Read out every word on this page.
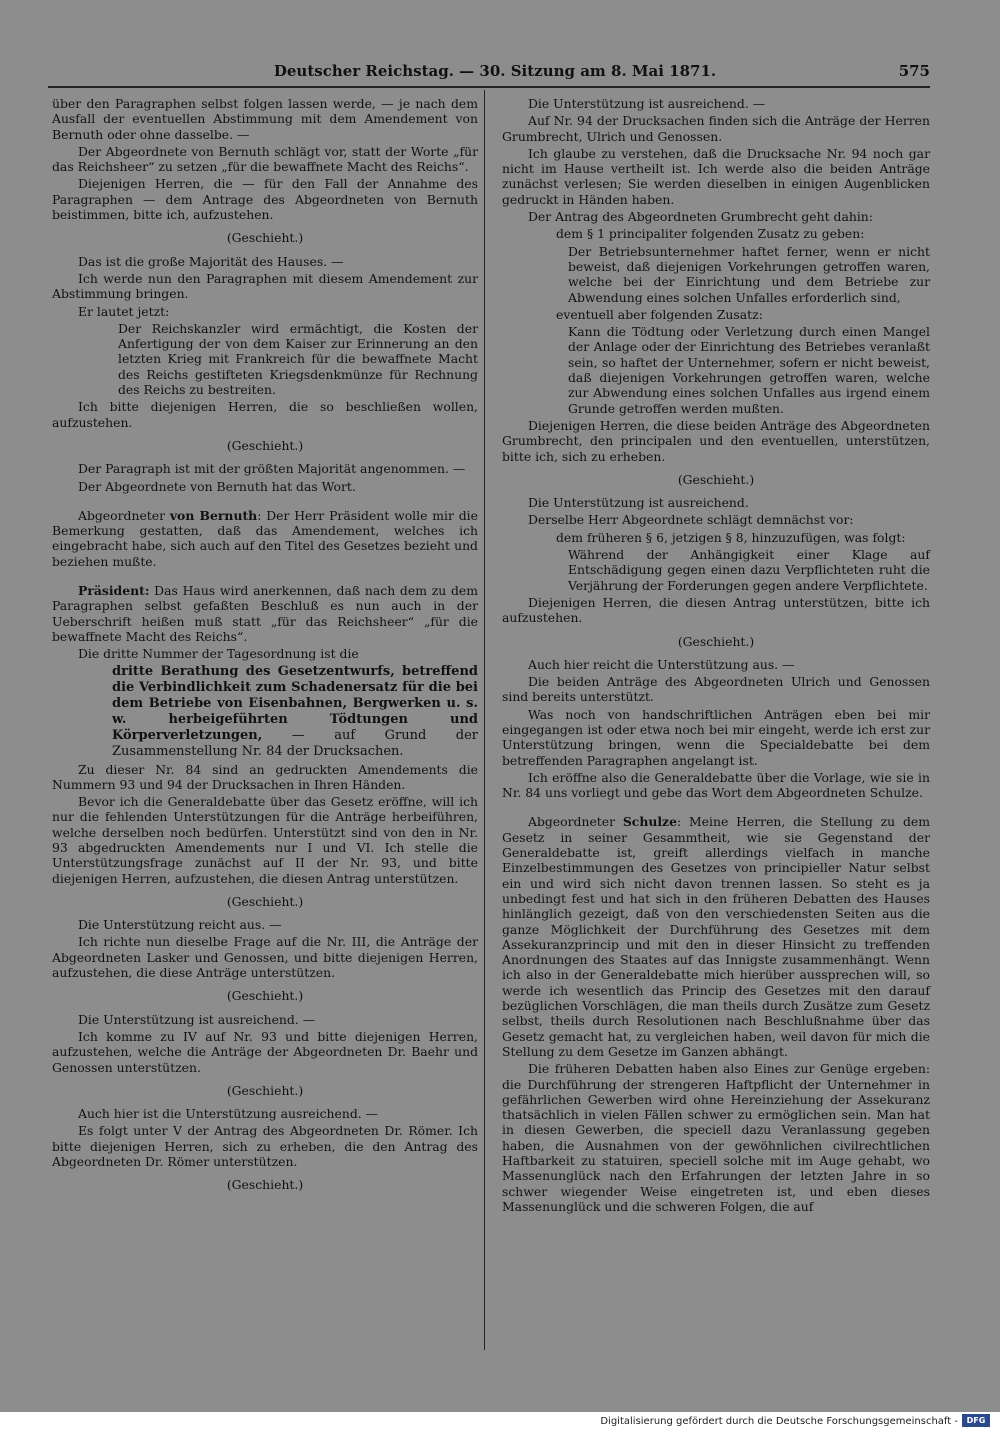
Deutscher Reichstag. — 30. Sitzung am 8. Mai 1871.	575

über den Paragraphen selbst folgen lassen werde, — je nach dem Ausfall der eventuellen Abstimmung mit dem Amendement von Bernuth oder ohne dasselbe. —

Der Abgeordnete von Bernuth schlägt vor, statt der Worte „für das Reichsheer“ zu setzen „für die bewaffnete Macht des Reichs“.

Diejenigen Herren, die — für den Fall der Annahme des Paragraphen — dem Antrage des Abgeordneten von Bernuth beistimmen, bitte ich, aufzustehen.

(Geschieht.)

Das ist die große Majorität des Hauses. —

Ich werde nun den Paragraphen mit diesem Amendement zur Abstimmung bringen.

Er lautet jetzt:

Der Reichskanzler wird ermächtigt, die Kosten der Anfertigung der von dem Kaiser zur Erinnerung an den letzten Krieg mit Frankreich für die bewaffnete Macht des Reichs gestifteten Kriegsdenkmünze für Rechnung des Reichs zu bestreiten.

Ich bitte diejenigen Herren, die so beschließen wollen, aufzustehen.

(Geschieht.)

Der Paragraph ist mit der größten Majorität angenommen. —

Der Abgeordnete von Bernuth hat das Wort.

Abgeordneter von Bernuth: Der Herr Präsident wolle mir die Bemerkung gestatten, daß das Amendement, welches ich eingebracht habe, sich auch auf den Titel des Gesetzes bezieht und beziehen mußte.

Präsident: Das Haus wird anerkennen, daß nach dem zu dem Paragraphen selbst gefaßten Beschluß es nun auch in der Ueberschrift heißen muß statt „für das Reichsheer“ „für die bewaffnete Macht des Reichs“.

Die dritte Nummer der Tagesordnung ist die

dritte Berathung des Gesetzentwurfs, betreffend die Verbindlichkeit zum Schadenersatz für die bei dem Betriebe von Eisenbahnen, Bergwerken u. s. w. herbeigeführten Tödtungen und Körperverletzungen, — auf Grund der Zusammenstellung Nr. 84 der Drucksachen.

Zu dieser Nr. 84 sind an gedruckten Amendements die Nummern 93 und 94 der Drucksachen in Ihren Händen.

Bevor ich die Generaldebatte über das Gesetz eröffne, will ich nur die fehlenden Unterstützungen für die Anträge herbeiführen, welche derselben noch bedürfen. Unterstützt sind von den in Nr. 93 abgedruckten Amendements nur I und VI. Ich stelle die Unterstützungsfrage zunächst auf II der Nr. 93, und bitte diejenigen Herren, aufzustehen, die diesen Antrag unterstützen.

(Geschieht.)

Die Unterstützung reicht aus. —

Ich richte nun dieselbe Frage auf die Nr. III, die Anträge der Abgeordneten Lasker und Genossen, und bitte diejenigen Herren, aufzustehen, die diese Anträge unterstützen.

(Geschieht.)

Die Unterstützung ist ausreichend. —

Ich komme zu IV auf Nr. 93 und bitte diejenigen Herren, aufzustehen, welche die Anträge der Abgeordneten Dr. Baehr und Genossen unterstützen.

(Geschieht.)

Auch hier ist die Unterstützung ausreichend. —

Es folgt unter V der Antrag des Abgeordneten Dr. Römer. Ich bitte diejenigen Herren, sich zu erheben, die den Antrag des Abgeordneten Dr. Römer unterstützen.

(Geschieht.)

Die Unterstützung ist ausreichend. —

Auf Nr. 94 der Drucksachen finden sich die Anträge der Herren Grumbrecht, Ulrich und Genossen.

Ich glaube zu verstehen, daß die Drucksache Nr. 94 noch gar nicht im Hause vertheilt ist. Ich werde also die beiden Anträge zunächst verlesen; Sie werden dieselben in einigen Augenblicken gedruckt in Händen haben.

Der Antrag des Abgeordneten Grumbrecht geht dahin:

dem § 1 principaliter folgenden Zusatz zu geben:

Der Betriebsunternehmer haftet ferner, wenn er nicht beweist, daß diejenigen Vorkehrungen getroffen waren, welche bei der Einrichtung und dem Betriebe zur Abwendung eines solchen Unfalles erforderlich sind,

eventuell aber folgenden Zusatz:

Kann die Tödtung oder Verletzung durch einen Mangel der Anlage oder der Einrichtung des Betriebes veranlaßt sein, so haftet der Unternehmer, sofern er nicht beweist, daß diejenigen Vorkehrungen getroffen waren, welche zur Abwendung eines solchen Unfalles aus irgend einem Grunde getroffen werden mußten.

Diejenigen Herren, die diese beiden Anträge des Abgeordneten Grumbrecht, den principalen und den eventuellen, unterstützen, bitte ich, sich zu erheben.

(Geschieht.)

Die Unterstützung ist ausreichend.

Derselbe Herr Abgeordnete schlägt demnächst vor:

dem früheren § 6, jetzigen § 8, hinzuzufügen, was folgt:

Während der Anhängigkeit einer Klage auf Entschädigung gegen einen dazu Verpflichteten ruht die Verjährung der Forderungen gegen andere Verpflichtete.

Diejenigen Herren, die diesen Antrag unterstützen, bitte ich aufzustehen.

(Geschieht.)

Auch hier reicht die Unterstützung aus. —

Die beiden Anträge des Abgeordneten Ulrich und Genossen sind bereits unterstützt.

Was noch von handschriftlichen Anträgen eben bei mir eingegangen ist oder etwa noch bei mir eingeht, werde ich erst zur Unterstützung bringen, wenn die Specialdebatte bei dem betreffenden Paragraphen angelangt ist.

Ich eröffne also die Generaldebatte über die Vorlage, wie sie in Nr. 84 uns vorliegt und gebe das Wort dem Abgeordneten Schulze.

Abgeordneter Schulze: Meine Herren, die Stellung zu dem Gesetz in seiner Gesammtheit, wie sie Gegenstand der Generaldebatte ist, greift allerdings vielfach in manche Einzelbestimmungen des Gesetzes von principieller Natur selbst ein und wird sich nicht davon trennen lassen. So steht es ja unbedingt fest und hat sich in den früheren Debatten des Hauses hinlänglich gezeigt, daß von den verschiedensten Seiten aus die ganze Möglichkeit der Durchführung des Gesetzes mit dem Assekuranzprincip und mit den in dieser Hinsicht zu treffenden Anordnungen des Staates auf das Innigste zusammenhängt. Wenn ich also in der Generaldebatte mich hierüber aussprechen will, so werde ich wesentlich das Princip des Gesetzes mit den darauf bezüglichen Vorschlägen, die man theils durch Zusätze zum Gesetz selbst, theils durch Resolutionen nach Beschlußnahme über das Gesetz gemacht hat, zu vergleichen haben, weil davon für mich die Stellung zu dem Gesetze im Ganzen abhängt.

Die früheren Debatten haben also Eines zur Genüge ergeben: die Durchführung der strengeren Haftpflicht der Unternehmer in gefährlichen Gewerben wird ohne Hereinziehung der Assekuranz thatsächlich in vielen Fällen schwer zu ermöglichen sein. Man hat in diesen Gewerben, die speciell dazu Veranlassung gegeben haben, die Ausnahmen von der gewöhnlichen civilrechtlichen Haftbarkeit zu statuiren, speciell solche mit im Auge gehabt, wo Massenunglück nach den Erfahrungen der letzten Jahre in so schwer wiegender Weise eingetreten ist, und eben dieses Massenunglück und die schweren Folgen, die auf

Digitalisierung gefördert durch die Deutsche Forschungsgemeinschaft -	DFG
